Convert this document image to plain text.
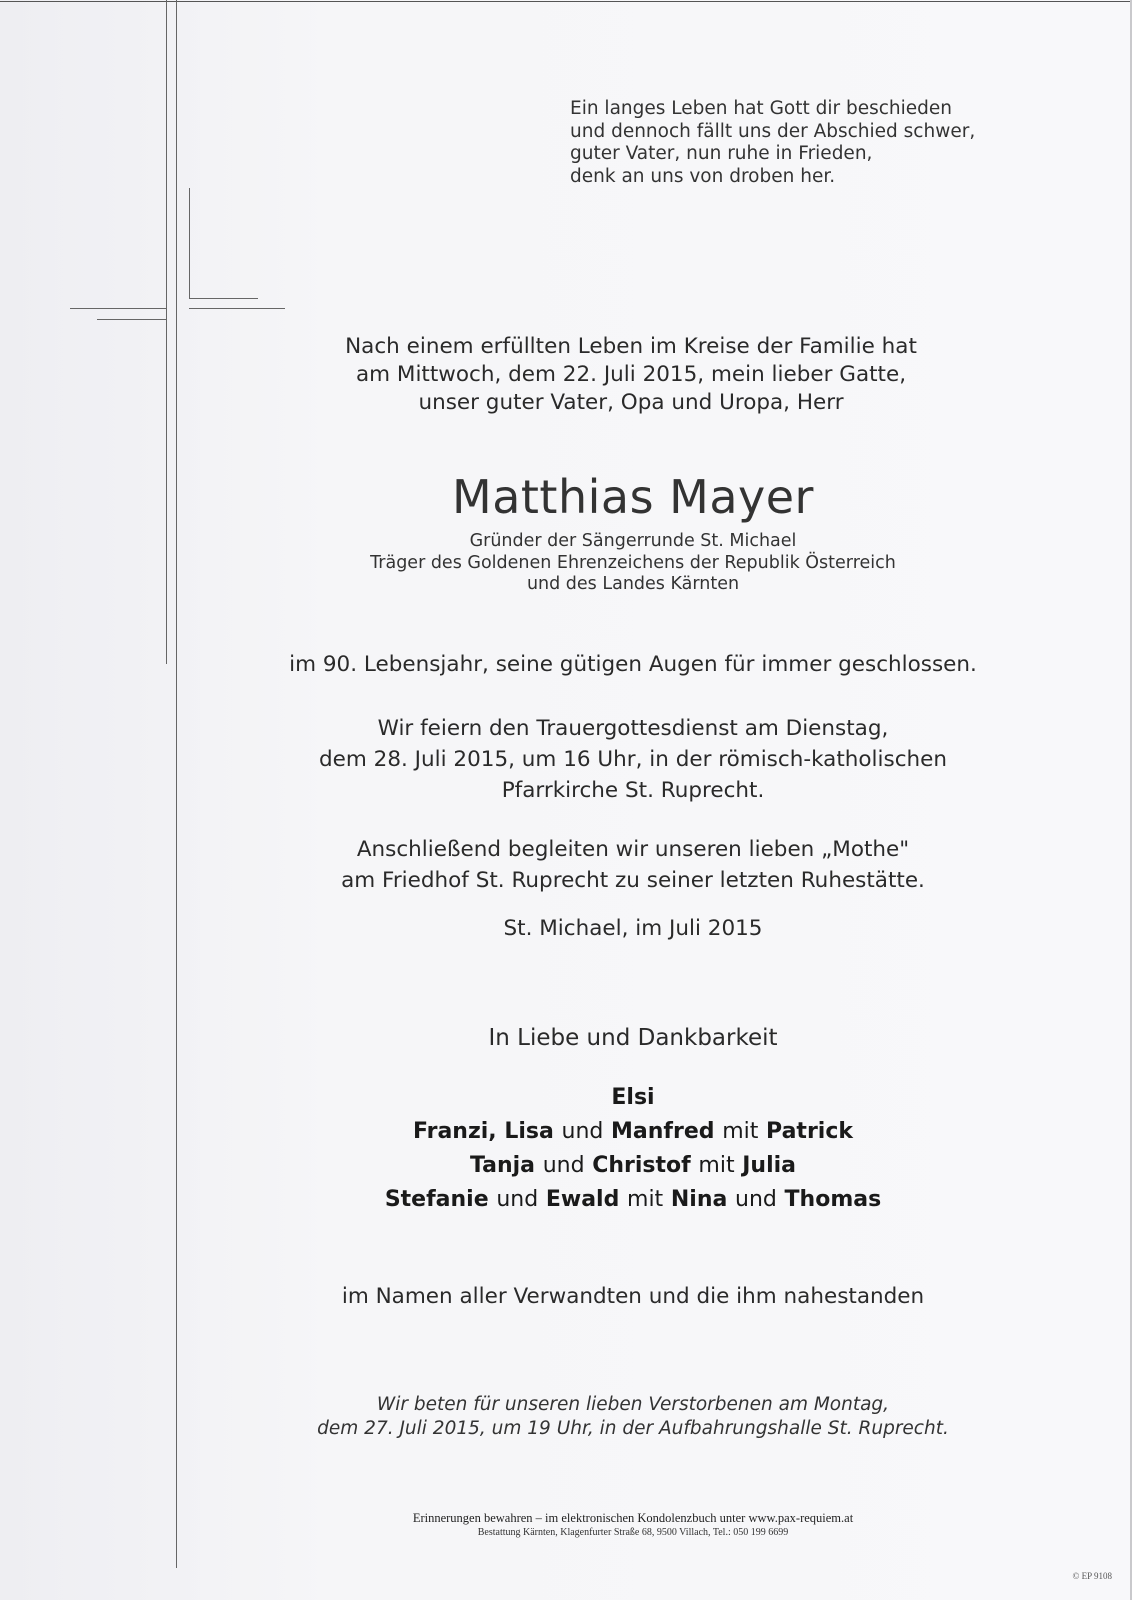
Ein langes Leben hat Gott dir beschieden
und dennoch fällt uns der Abschied schwer,
guter Vater, nun ruhe in Frieden,
denk an uns von droben her.
Nach einem erfüllten Leben im Kreise der Familie hat
am Mittwoch, dem 22. Juli 2015, mein lieber Gatte,
unser guter Vater, Opa und Uropa, Herr
Matthias Mayer
Gründer der Sängerrunde St. Michael
Träger des Goldenen Ehrenzeichens der Republik Österreich
und des Landes Kärnten
im 90. Lebensjahr, seine gütigen Augen für immer geschlossen.
Wir feiern den Trauergottesdienst am Dienstag,
dem 28. Juli 2015, um 16 Uhr, in der römisch-katholischen
Pfarrkirche St. Ruprecht.
Anschließend begleiten wir unseren lieben „Mothe"
am Friedhof St. Ruprecht zu seiner letzten Ruhestätte.
St. Michael, im Juli 2015
In Liebe und Dankbarkeit
Elsi
Franzi, Lisa und Manfred mit Patrick
Tanja und Christof mit Julia
Stefanie und Ewald mit Nina und Thomas
im Namen aller Verwandten und die ihm nahestanden
Wir beten für unseren lieben Verstorbenen am Montag,
dem 27. Juli 2015, um 19 Uhr, in der Aufbahrungshalle St. Ruprecht.
Erinnerungen bewahren – im elektronischen Kondolenzbuch unter www.pax-requiem.at
Bestattung Kärnten, Klagenfurter Straße 68, 9500 Villach, Tel.: 050 199 6699
© EP 9108
